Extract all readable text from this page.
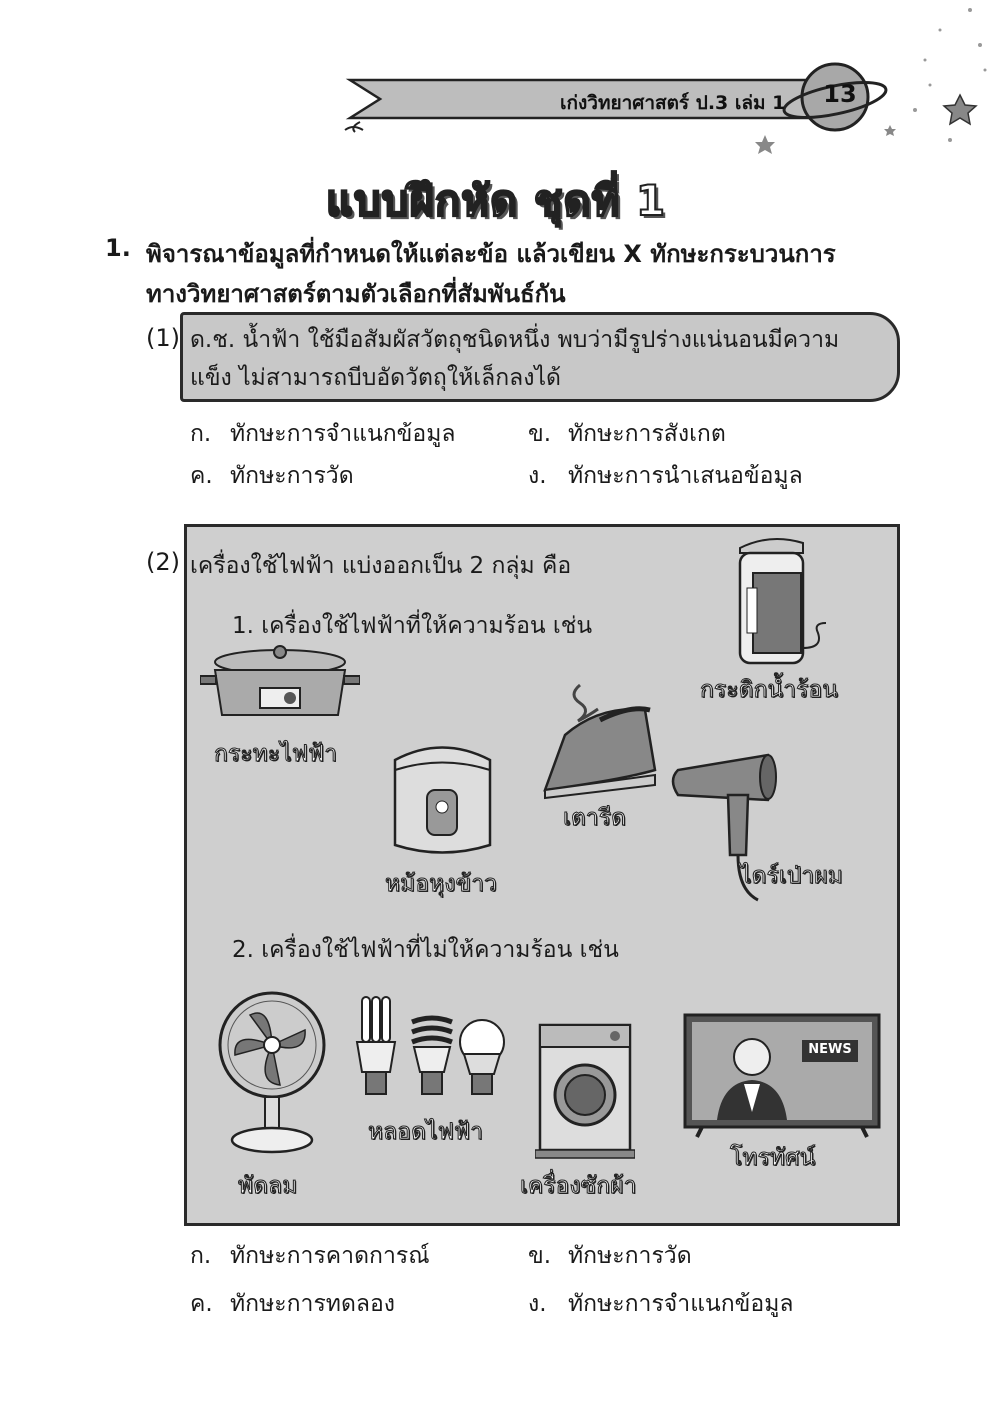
เก่งวิทยาศาสตร์ ป.3 เล่ม 1	13
แบบฝึกหัด ชุดที่ 1
1. พิจารณาข้อมูลที่กำหนดให้แต่ละข้อ แล้วเขียน X ทักษะกระบวนการ
ทางวิทยาศาสตร์ตามตัวเลือกที่สัมพันธ์กัน
(1) ด.ช. น้ำฟ้า ใช้มือสัมผัสวัตถุชนิดหนึ่ง พบว่ามีรูปร่างแน่นอนมีความ
แข็ง ไม่สามารถบีบอัดวัตถุให้เล็กลงได้
ก. ทักษะการจำแนกข้อมูล	ข. ทักษะการสังเกต
ค. ทักษะการวัด	ง. ทักษะการนำเสนอข้อมูล
(2) เครื่องใช้ไฟฟ้า แบ่งออกเป็น 2 กลุ่ม คือ
1. เครื่องใช้ไฟฟ้าที่ให้ความร้อน เช่น
กระทะไฟฟ้า
หม้อหุงข้าว
เตารีด
กระติกน้ำร้อน
ไดร์เป่าผม
2. เครื่องใช้ไฟฟ้าที่ไม่ให้ความร้อน เช่น
พัดลม
หลอดไฟฟ้า
เครื่องซักผ้า
NEWS
โทรทัศน์
ก. ทักษะการคาดการณ์	ข. ทักษะการวัด
ค. ทักษะการทดลอง	ง. ทักษะการจำแนกข้อมูล
